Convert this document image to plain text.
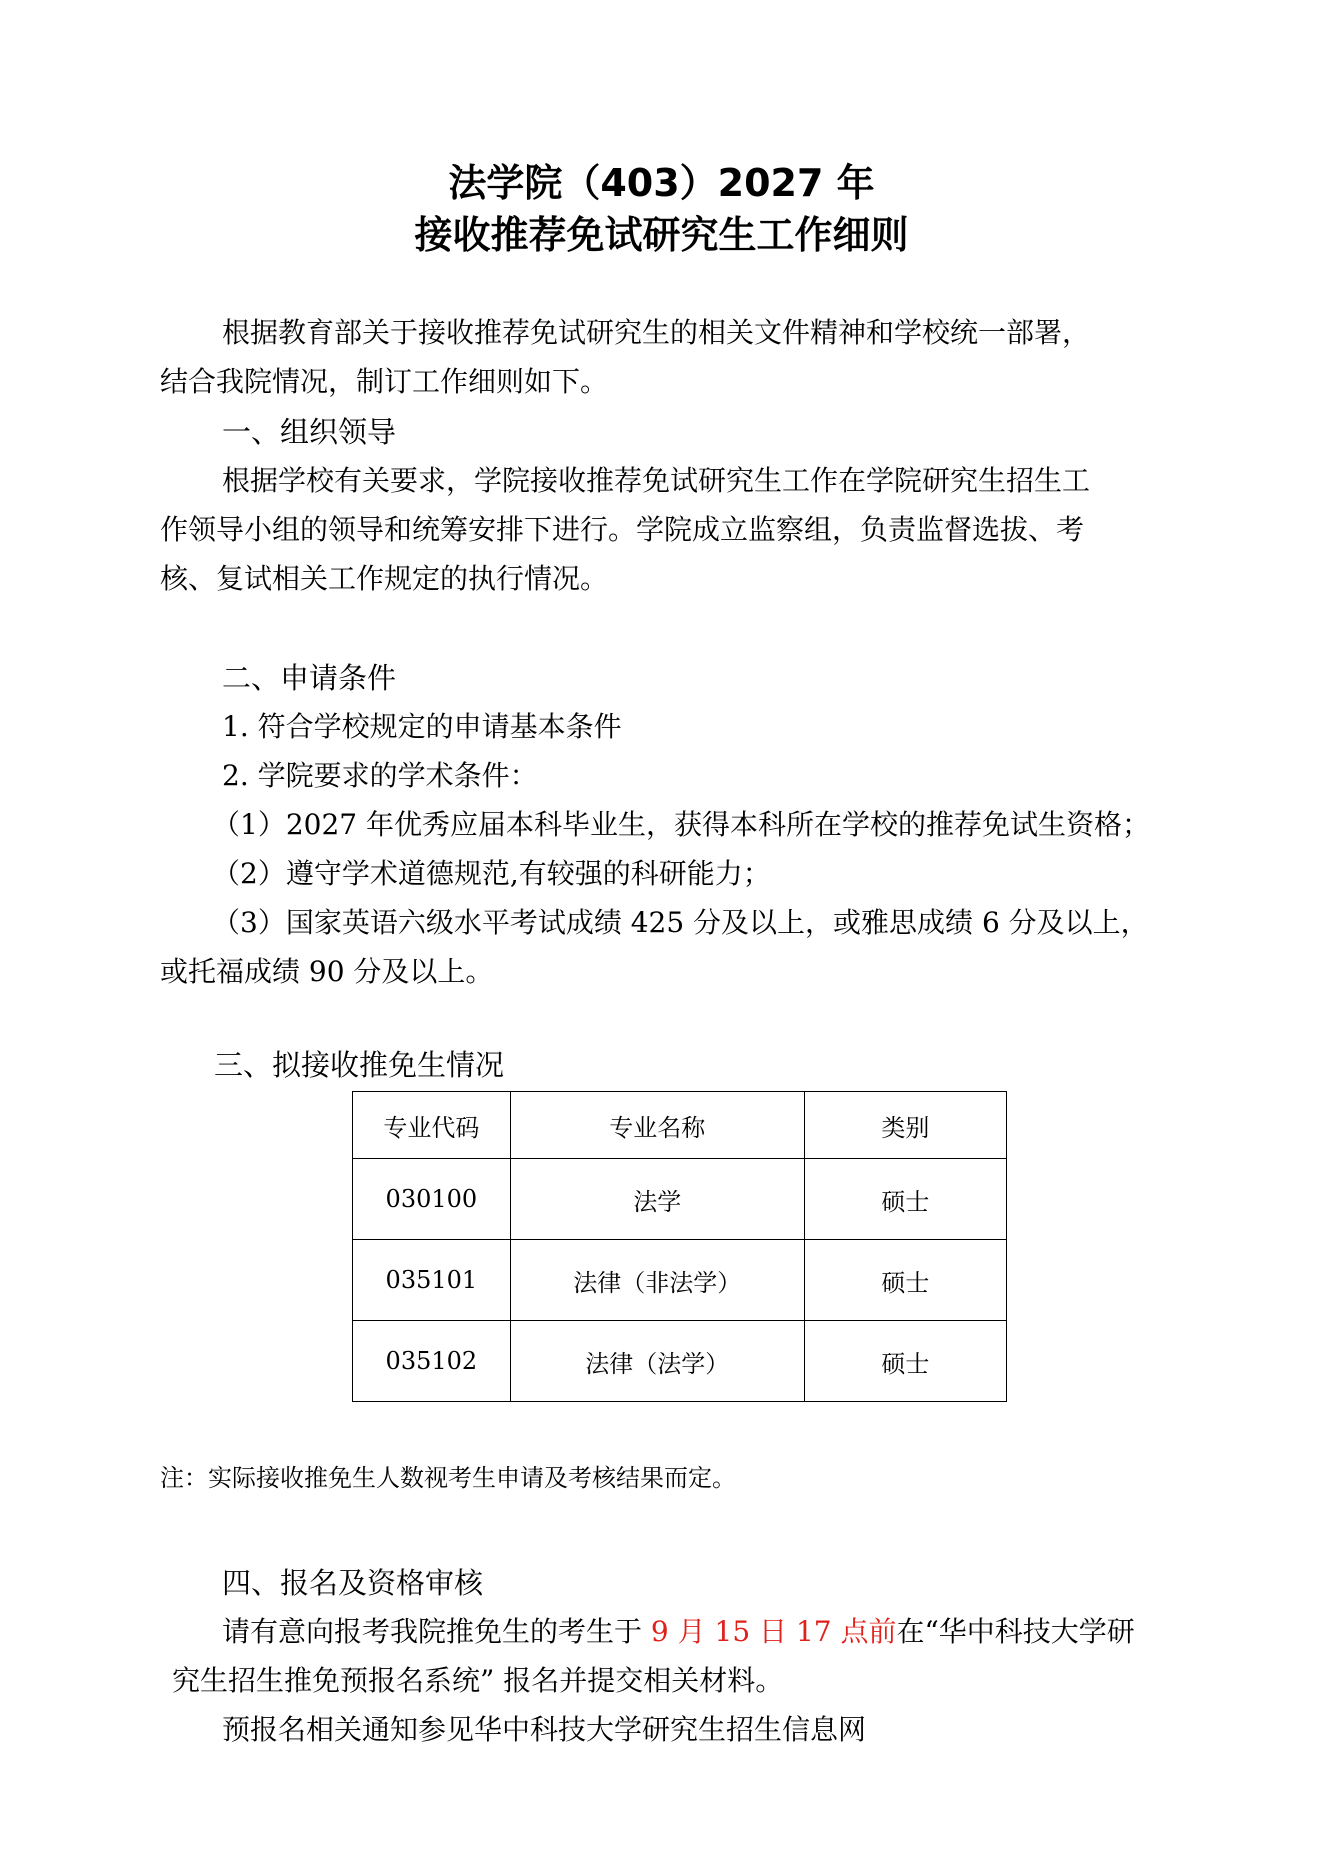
法学院（403）2027 年
接收推荐免试研究生工作细则
根据教育部关于接收推荐免试研究生的相关文件精神和学校统一部署，
结合我院情况，制订工作细则如下。
一、组织领导
根据学校有关要求，学院接收推荐免试研究生工作在学院研究生招生工
作领导小组的领导和统筹安排下进行。学院成立监察组，负责监督选拔、考
核、复试相关工作规定的执行情况。
二、申请条件
1. 符合学校规定的申请基本条件
2. 学院要求的学术条件：
（1）2027 年优秀应届本科毕业生，获得本科所在学校的推荐免试生资格；
（2）遵守学术道德规范,有较强的科研能力；
（3）国家英语六级水平考试成绩 425 分及以上，或雅思成绩 6 分及以上，
或托福成绩 90 分及以上。
三、拟接收推免生情况
专业代码	专业名称	类别
030100	法学	硕士
035101	法律（非法学）	硕士
035102	法律（法学）	硕士
注：实际接收推免生人数视考生申请及考核结果而定。
四、报名及资格审核
请有意向报考我院推免生的考生于 9 月 15 日 17 点前在“华中科技大学研
究生招生推免预报名系统” 报名并提交相关材料。
预报名相关通知参见华中科技大学研究生招生信息网
